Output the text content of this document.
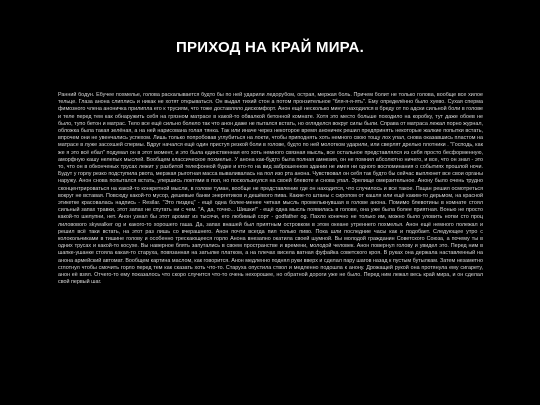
ПРИХОД НА КРАЙ МИРА.

Ранний бодун. Ебучее похмелье, голова раскалывается будто бы по ней ударили ледорубом, острая, мержая боль. Причем болит не только голова, вообще все хилое тельце. Глаза анона слиплись и никак не хотят открываться. Он выдал тихий стон а потом пронзительное "бля-я-я-ять". Ему определённо было хуево. Сухая сперма фимозного члена аноничка прилипла его к трусиям, что тоже доставляло дискомфорт. Анон ещё несколько минут находился в бреду от по адски сильной боли в голове и теле перед тем как обнаружить себя на грязном матрасе в какой-то обвалкой бетонной комнате. Хотя это место больше походило на коробку, тут даже обоев не было, тупо бетон и матрас. Тело все ещё сильно болело так что анон даже не пытался встать, но огляделся вокруг силы были. Справа от матраса лежал порно журнал, обложка была такая зелёная, а на ней нарисована голая тянка. Так или иначе через некоторое время аноничек решил предпринять некоторые жалкие попытки встать, впрочем они не увенчались успехом. Лишь только попробовав углубиться на локти, чтобы приподнять хоть немного свою тощу лох упал, снова оказавшись плаcтом на матрасе в луже засохшей спермы. Вдруг начался ещё один приступ резкой боли в голове, будто по ней молотком ударили, или сверлят дрелью плотники . "Господь, как же я это всё ебал" подумал он в этот момент, и это была единственная его хоть немного связная мысль, все остальное представлялся из себя просто бесформенную, аморфную кашу нелепых мыслей. Вообщем классическое похмелье. У анона как-будто была полная амнезия, он не помнил абсолютно ничего, и все, что он знал - это то, что он в обконченых трусах лежит у разбитой телефонной будке и кто-то на вид заброшенном здании не имея ни одного воспоминания о событиях прошлой ночи. Будут у горлу резко подступила рвота, мерзкая рыготная масса вываливалась на пол изо рта анона. Чувствовал он себя так будто бы сейчас выплюнет все свои органы наружу. Анон снова попытался встать, упершись локтями в пол, но поскользнулся на своей блевоте и снова упал. Зрелище омерзительное. Анону было очень трудно сконцентрироваться на какой-то конкретной мысли, в голове туман, вообще не представление где он находится, что случилось и все такое. Пацан решил осмотреться вокруг не вставая. Повсюду какой-то мусор, дешевые банки энергетиков и дешёвого пива. Какие-то штаны с сиропом от кашля или ещё каким-то дерьмом, на красной этикетке красовалась надпись - Resilar. "Это пиздец" - ещё одна более-менее четкая мысль промелькнувшая в голове анона. Помимо блевотины в комнате стоял сильный запах травки, этот запах не спутать ни с чем. "А, да, точно... Шишки!" - ещё одна мысль появилась в голове, она уже была более приятная. Вонью не просто какой-то шелупни, нет. Анон узнал бы этот аромат из тысячи, его любимый сорт - godfather og. Пахло конечно не только им, можно было уловить нотки сто проц лиловового skywalker og и какого-то хорошего гаша. Да, запах внашей был приятным островком в этом океане утреннего похмелья. Анон ещё немного полежал и решил всё таки встать, на этот раз лишь со вчерашнего. Анон почти всегда пил только пиво. Пока шли последние часы как и подобает. Следующее утро с колокольчиками в тишине голову и особенно трескающееся горло Анона внезапно окатила своей шумной. Вы молодой гражданин Советского Союза, а почему ты в одних трусах и какой-то косухе. Вы наверное блять запутались в своем пространстве и времени, молодой человек. Анон повернул голову и увидел это. Перед ним в шапке-ушанке стояла какая-то старуха, повязанная на затылке платком, а на плечах висела ватная фуфайка советского кроя. В руках она держала наставленный на анона армейский автомат. Вообщем картина маслом, как говорится. Анон медленно поднял руки вверх и сделал пару шагов назад к пустым бутылкам. Затем незаметно сглотнул чтобы смочить горло перед тем как сказать хоть что-то. Старуха опустила ствол и медленно подошла к анону. Дрожащей рукой она протянула ему сигарету, анон её взял. Отчего-то ему показалось что скоро случится что-то очень нехорошее, но обратной дороги уже не было. Перед ним лежал весь край мира, и он сделал свой первый шаг.
